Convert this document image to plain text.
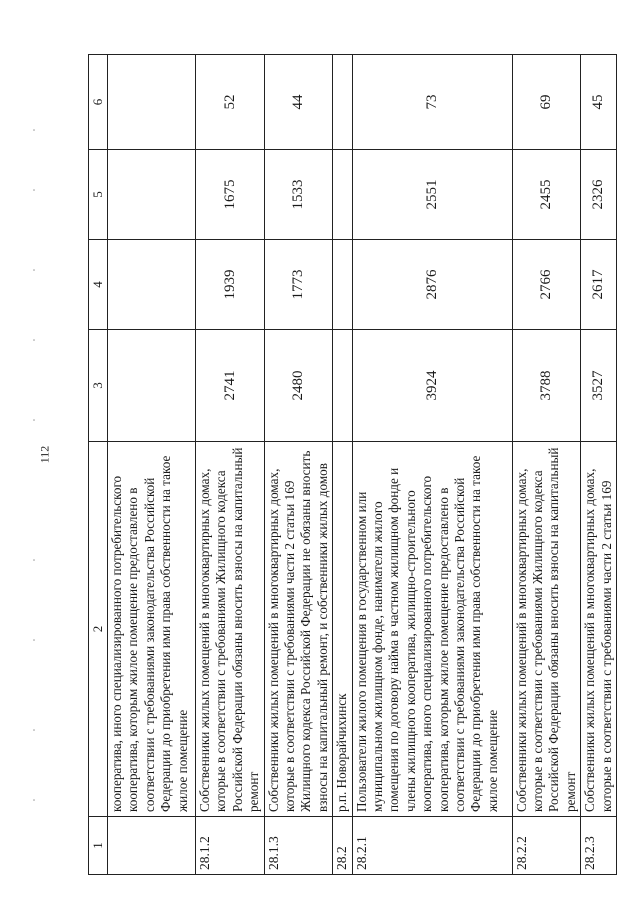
112
1	2	3	4	5	6
	кооператива, иного специализированного потребительского кооператива, которым жилое помещение предоставлено в соответствии с требованиями законодательства Российской Федерации до приобретения ими права собственности на такое жилое помещение				
28.1.2	Собственники жилых помещений в многоквартирных домах, которые в соответствии с требованиями Жилищного кодекса Российской Федерации обязаны вносить взносы на капитальный ремонт	2741	1939	1675	52
28.1.3	Собственники жилых помещений в многоквартирных домах, которые в соответствии с требованиями части 2 статьи 169 Жилищного кодекса Российской Федерации не обязаны вносить взносы на капитальный ремонт, и собственники жилых домов	2480	1773	1533	44
28.2	р.п. Новорайчихинск				
28.2.1	Пользователи жилого помещения в государственном или муниципальном жилищном фонде, наниматели жилого помещения по договору найма в частном жилищном фонде и члены жилищного кооператива, жилищно-строительного кооператива, иного специализированного потребительского кооператива, которым жилое помещение предоставлено в соответствии с требованиями законодательства Российской Федерации до приобретения ими права собственности на такое жилое помещение	3924	2876	2551	73
28.2.2	Собственники жилых помещений в многоквартирных домах, которые в соответствии с требованиями Жилищного кодекса Российской Федерации обязаны вносить взносы на капитальный ремонт	3788	2766	2455	69
28.2.3	Собственники жилых помещений в многоквартирных домах, которые в соответствии с требованиями части 2 статьи 169	3527	2617	2326	45
